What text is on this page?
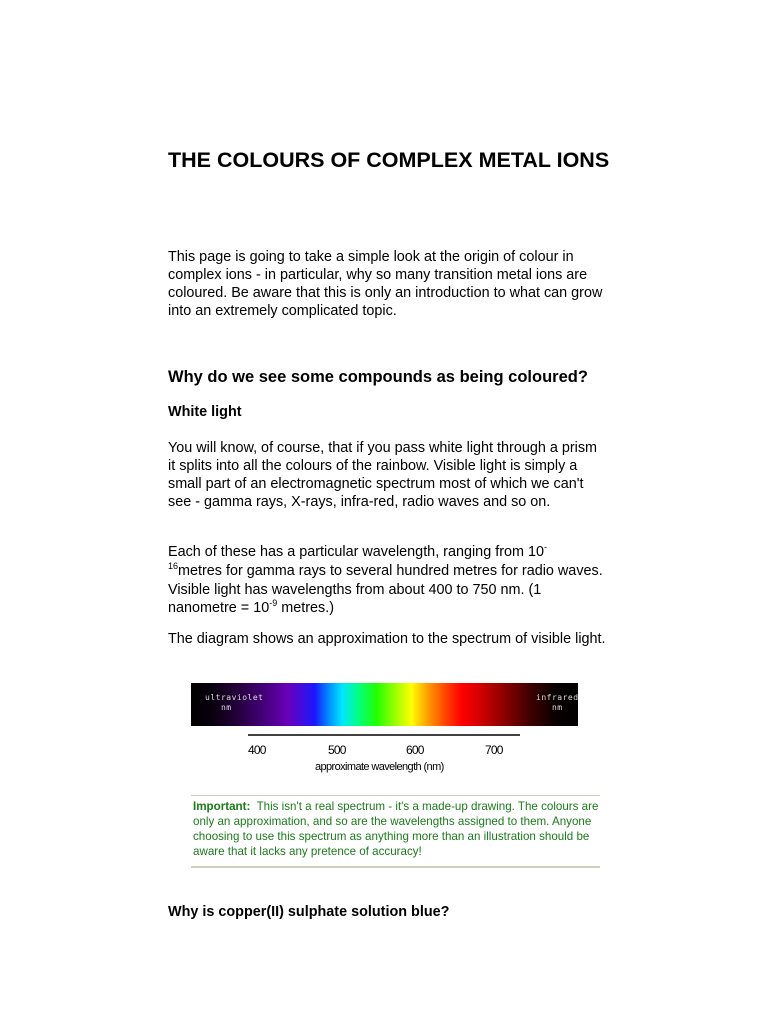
THE COLOURS OF COMPLEX METAL IONS

This page is going to take a simple look at the origin of colour in complex ions - in particular, why so many transition metal ions are coloured. Be aware that this is only an introduction to what can grow into an extremely complicated topic.

Why do we see some compounds as being coloured?
White light

You will know, of course, that if you pass white light through a prism it splits into all the colours of the rainbow. Visible light is simply a small part of an electromagnetic spectrum most of which we can't see - gamma rays, X-rays, infra-red, radio waves and so on.

Each of these has a particular wavelength, ranging from 10-
$^{16}$metres for gamma rays to several hundred metres for radio waves. Visible light has wavelengths from about 400 to 750 nm. (1 nanometre = $10^{-9}$ metres.)

The diagram shows an approximation to the spectrum of visible light.

ultraviolet
nm
infrared
nm
400	500	600	700
approximate wavelength (nm)

Important: This isn't a real spectrum - it's a made-up drawing. The colours are only an approximation, and so are the wavelengths assigned to them. Anyone choosing to use this spectrum as anything more than an illustration should be aware that it lacks any pretence of accuracy!

Why is copper(II) sulphate solution blue?
